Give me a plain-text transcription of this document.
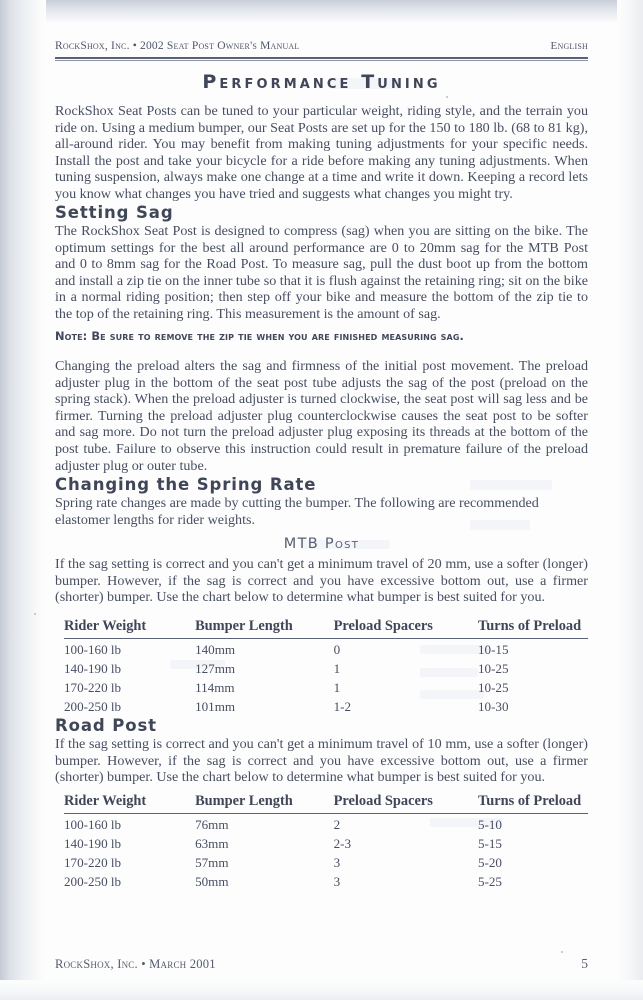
RockShox, Inc. • 2002 Seat Post Owner's Manual	English
Performance Tuning
RockShox Seat Posts can be tuned to your particular weight, riding style, and the terrain you ride on. Using a medium bumper, our Seat Posts are set up for the 150 to 180 lb. (68 to 81 kg), all-around rider. You may benefit from making tuning adjustments for your specific needs. Install the post and take your bicycle for a ride before making any tuning adjustments. When tuning suspension, always make one change at a time and write it down. Keeping a record lets you know what changes you have tried and suggests what changes you might try.
Setting Sag
The RockShox Seat Post is designed to compress (sag) when you are sitting on the bike. The optimum settings for the best all around performance are 0 to 20mm sag for the MTB Post and 0 to 8mm sag for the Road Post. To measure sag, pull the dust boot up from the bottom and install a zip tie on the inner tube so that it is flush against the retaining ring; sit on the bike in a normal riding position; then step off your bike and measure the bottom of the zip tie to the top of the retaining ring. This measurement is the amount of sag.
Note: Be sure to remove the zip tie when you are finished measuring sag.
Changing the preload alters the sag and firmness of the initial post movement. The preload adjuster plug in the bottom of the seat post tube adjusts the sag of the post (preload on the spring stack). When the preload adjuster is turned clockwise, the seat post will sag less and be firmer. Turning the preload adjuster plug counterclockwise causes the seat post to be softer and sag more. Do not turn the preload adjuster plug exposing its threads at the bottom of the post tube. Failure to observe this instruction could result in premature failure of the preload adjuster plug or outer tube.
Changing the Spring Rate
Spring rate changes are made by cutting the bumper. The following are recommended elastomer lengths for rider weights.
MTB Post
If the sag setting is correct and you can't get a minimum travel of 20 mm, use a softer (longer) bumper. However, if the sag is correct and you have excessive bottom out, use a firmer (shorter) bumper. Use the chart below to determine what bumper is best suited for you.
Rider Weight	Bumper Length	Preload Spacers	Turns of Preload
100-160 lb	140mm	0	10-15
140-190 lb	127mm	1	10-25
170-220 lb	114mm	1	10-25
200-250 lb	101mm	1-2	10-30
Road Post
If the sag setting is correct and you can't get a minimum travel of 10 mm, use a softer (longer) bumper. However, if the sag is correct and you have excessive bottom out, use a firmer (shorter) bumper. Use the chart below to determine what bumper is best suited for you.
Rider Weight	Bumper Length	Preload Spacers	Turns of Preload
100-160 lb	76mm	2	5-10
140-190 lb	63mm	2-3	5-15
170-220 lb	57mm	3	5-20
200-250 lb	50mm	3	5-25
RockShox, Inc. • March 2001	5
